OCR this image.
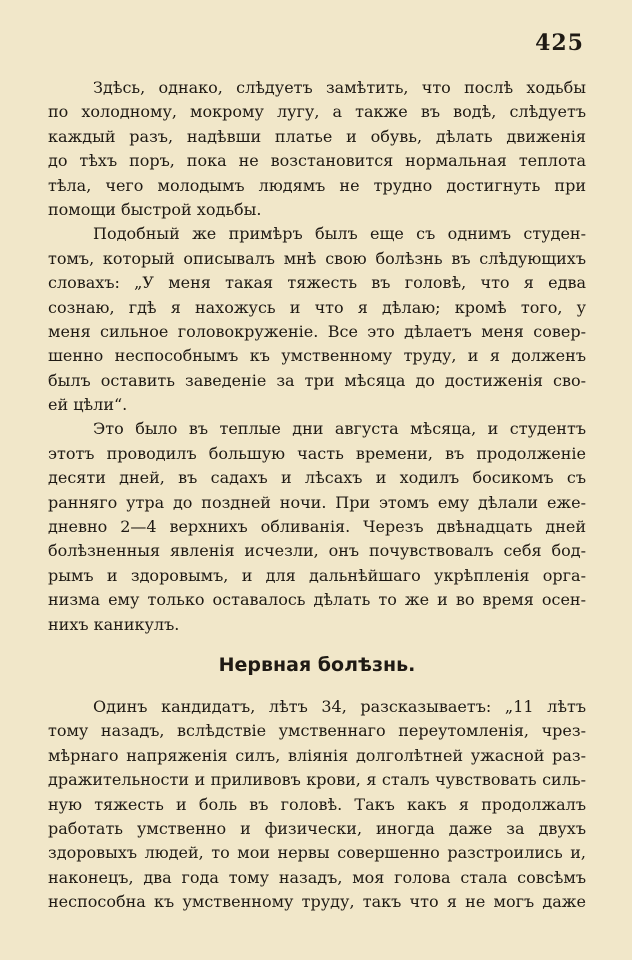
425
Здѣсь, однако, слѣдуетъ замѣтить, что послѣ ходьбы
по холодному, мокрому лугу, а также въ водѣ, слѣдуетъ
каждый разъ, надѣвши платье и обувь, дѣлать движенія
до тѣхъ поръ, пока не возстановится нормальная теплота
тѣла, чего молодымъ людямъ не трудно достигнуть при
помощи быстрой ходьбы.
Подобный же примѣръ былъ еще съ однимъ студен-
томъ, который описывалъ мнѣ свою болѣзнь въ слѣдующихъ
словахъ: „У меня такая тяжесть въ головѣ, что я едва
сознаю, гдѣ я нахожусь и что я дѣлаю; кромѣ того, у
меня сильное головокруженіе. Все это дѣлаетъ меня совер-
шенно неспособнымъ къ умственному труду, и я долженъ
былъ оставить заведеніе за три мѣсяца до достиженія сво-
ей цѣли“.
Это было въ теплые дни августа мѣсяца, и студентъ
этотъ проводилъ большую часть времени, въ продолженіе
десяти дней, въ садахъ и лѣсахъ и ходилъ босикомъ съ
ранняго утра до поздней ночи. При этомъ ему дѣлали еже-
дневно 2—4 верхнихъ обливанія. Черезъ двѣнадцать дней
болѣзненныя явленія исчезли, онъ почувствовалъ себя бод-
рымъ и здоровымъ, и для дальнѣйшаго укрѣпленія орга-
низма ему только оставалось дѣлать то же и во время осен-
нихъ каникулъ.
Нервная болѣзнь.
Одинъ кандидатъ, лѣтъ 34, разсказываетъ: „11 лѣтъ
тому назадъ, вслѣдствіе умственнаго переутомленія, чрез-
мѣрнаго напряженія силъ, вліянія долголѣтней ужасной раз-
дражительности и приливовъ крови, я сталъ чувствовать силь-
ную тяжесть и боль въ головѣ. Такъ какъ я продолжалъ
работать умственно и физически, иногда даже за двухъ
здоровыхъ людей, то мои нервы совершенно разстроились и,
наконецъ, два года тому назадъ, моя голова стала совсѣмъ
неспособна къ умственному труду, такъ что я не могъ даже
